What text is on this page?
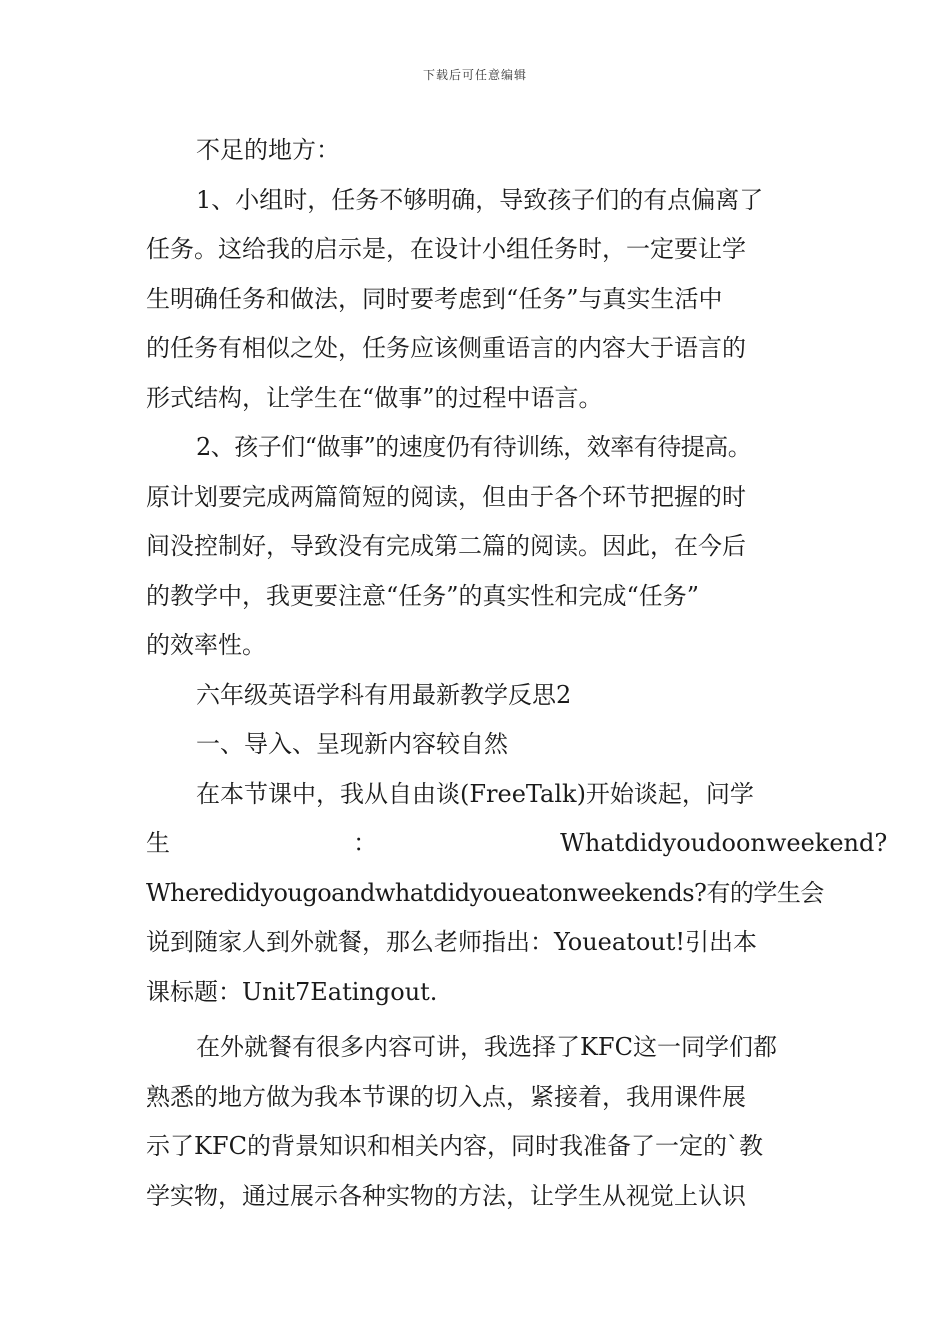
下载后可任意编辑

不足的地方：

1、小组时，任务不够明确，导致孩子们的有点偏离了

任务。这给我的启示是，在设计小组任务时，一定要让学

生明确任务和做法，同时要考虑到“任务”与真实生活中

的任务有相似之处，任务应该侧重语言的内容大于语言的

形式结构，让学生在“做事”的过程中语言。

2、孩子们“做事”的速度仍有待训练，效率有待提高。

原计划要完成两篇简短的阅读，但由于各个环节把握的时

间没控制好，导致没有完成第二篇的阅读。因此，在今后

的教学中，我更要注意“任务”的真实性和完成“任务”

的效率性。

六年级英语学科有用最新教学反思2

一、导入、呈现新内容较自然

在本节课中，我从自由谈(FreeTalk)开始谈起，问学

生                        ：                        Whatdidyoudoonweekend?

Wheredidyougoandwhatdidyoueatonweekends?有的学生会

说到随家人到外就餐，那么老师指出：Youeatout!引出本

课标题：Unit7Eatingout.

在外就餐有很多内容可讲，我选择了KFC这一同学们都

熟悉的地方做为我本节课的切入点，紧接着，我用课件展

示了KFC的背景知识和相关内容，同时我准备了一定的`教

学实物，通过展示各种实物的方法，让学生从视觉上认识
